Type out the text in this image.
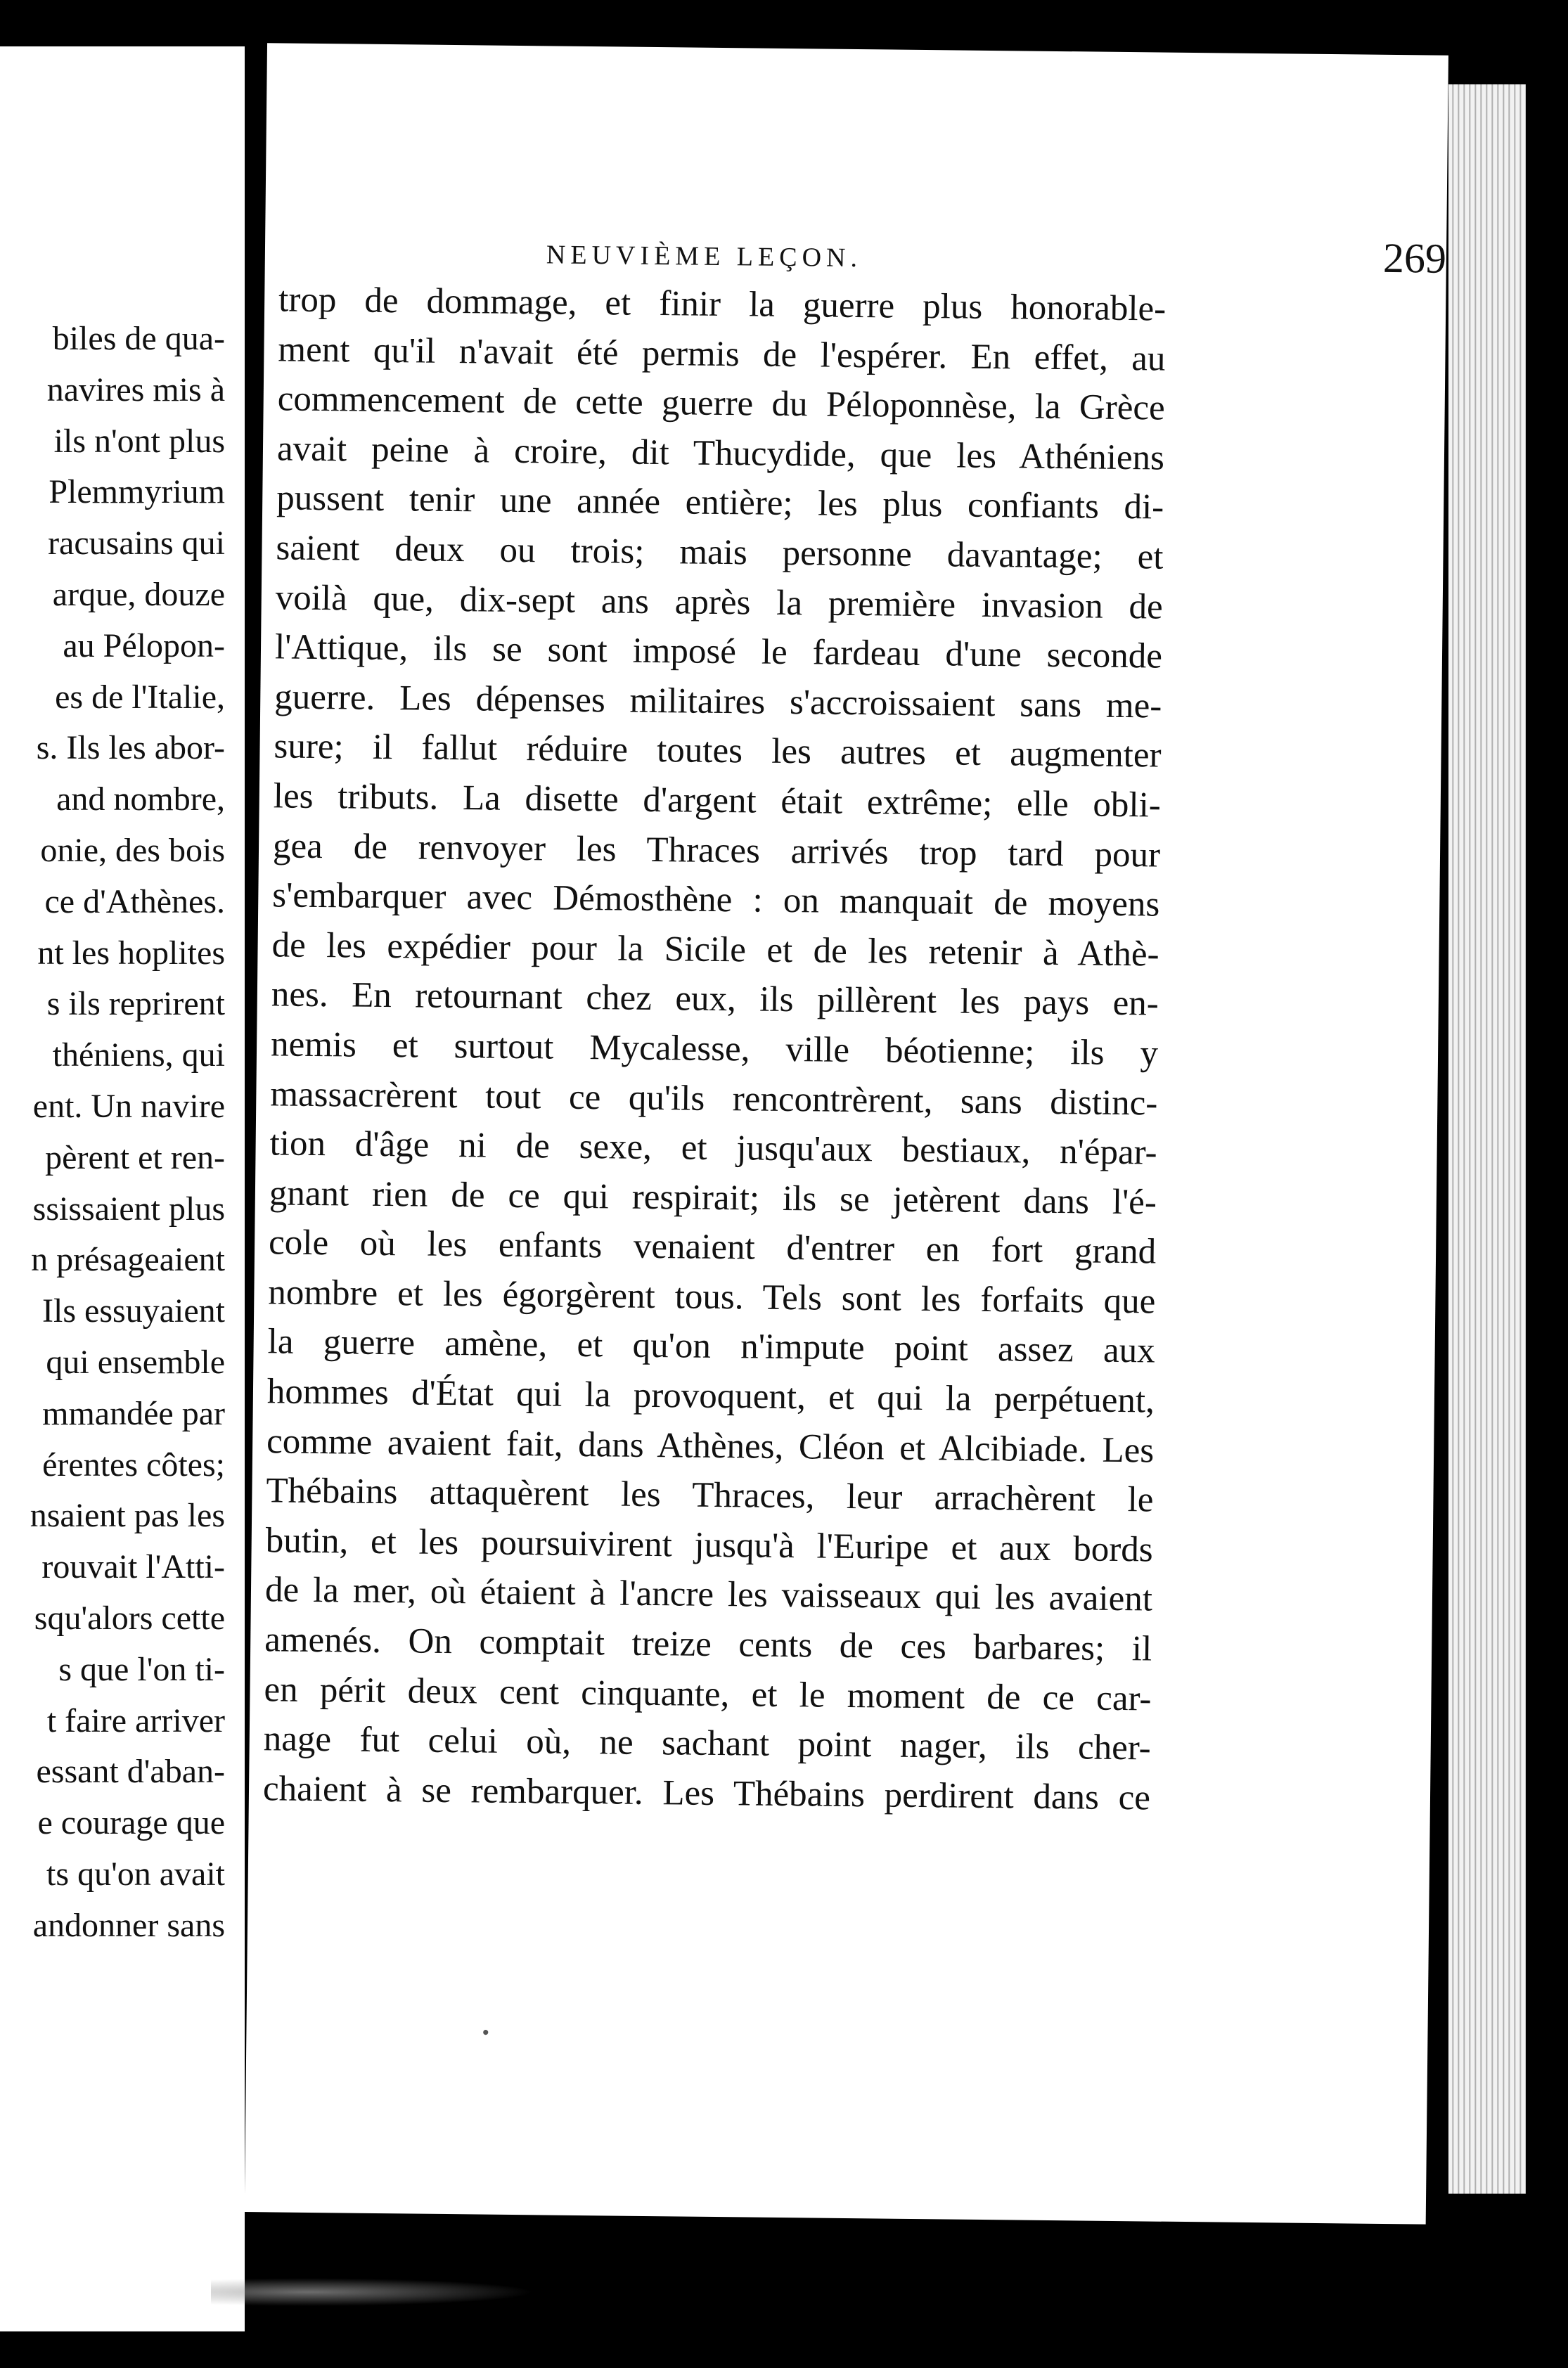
biles de qua-
navires mis à
ils n'ont plus
Plemmyrium
racusains qui
arque, douze
au Pélopon-
es de l'Italie,
s. Ils les abor-
and nombre,
onie, des bois
ce d'Athènes.
nt les hoplites
s ils reprirent
théniens, qui
ent. Un navire
pèrent et ren-
ssissaient plus
n présageaient
Ils essuyaient
qui ensemble
mmandée par
érentes côtes;
nsaient pas les
rouvait l'Atti-
squ'alors cette
s que l'on ti-
t faire arriver
essant d'aban-
e courage que
ts qu'on avait
andonner sans
NEUVIÈME LEÇON.	269
trop de dommage, et finir la guerre plus honorable-
ment qu'il n'avait été permis de l'espérer. En effet, au
commencement de cette guerre du Péloponnèse, la Grèce
avait peine à croire, dit Thucydide, que les Athéniens
pussent tenir une année entière; les plus confiants di-
saient deux ou trois; mais personne davantage; et
voilà que, dix-sept ans après la première invasion de
l'Attique, ils se sont imposé le fardeau d'une seconde
guerre. Les dépenses militaires s'accroissaient sans me-
sure; il fallut réduire toutes les autres et augmenter
les tributs. La disette d'argent était extrême; elle obli-
gea de renvoyer les Thraces arrivés trop tard pour
s'embarquer avec Démosthène : on manquait de moyens
de les expédier pour la Sicile et de les retenir à Athè-
nes. En retournant chez eux, ils pillèrent les pays en-
nemis et surtout Mycalesse, ville béotienne; ils y
massacrèrent tout ce qu'ils rencontrèrent, sans distinc-
tion d'âge ni de sexe, et jusqu'aux bestiaux, n'épar-
gnant rien de ce qui respirait; ils se jetèrent dans l'é-
cole où les enfants venaient d'entrer en fort grand
nombre et les égorgèrent tous. Tels sont les forfaits que
la guerre amène, et qu'on n'impute point assez aux
hommes d'État qui la provoquent, et qui la perpétuent,
comme avaient fait, dans Athènes, Cléon et Alcibiade. Les
Thébains attaquèrent les Thraces, leur arrachèrent le
butin, et les poursuivirent jusqu'à l'Euripe et aux bords
de la mer, où étaient à l'ancre les vaisseaux qui les avaient
amenés. On comptait treize cents de ces barbares; il
en périt deux cent cinquante, et le moment de ce car-
nage fut celui où, ne sachant point nager, ils cher-
chaient à se rembarquer. Les Thébains perdirent dans ce
•
